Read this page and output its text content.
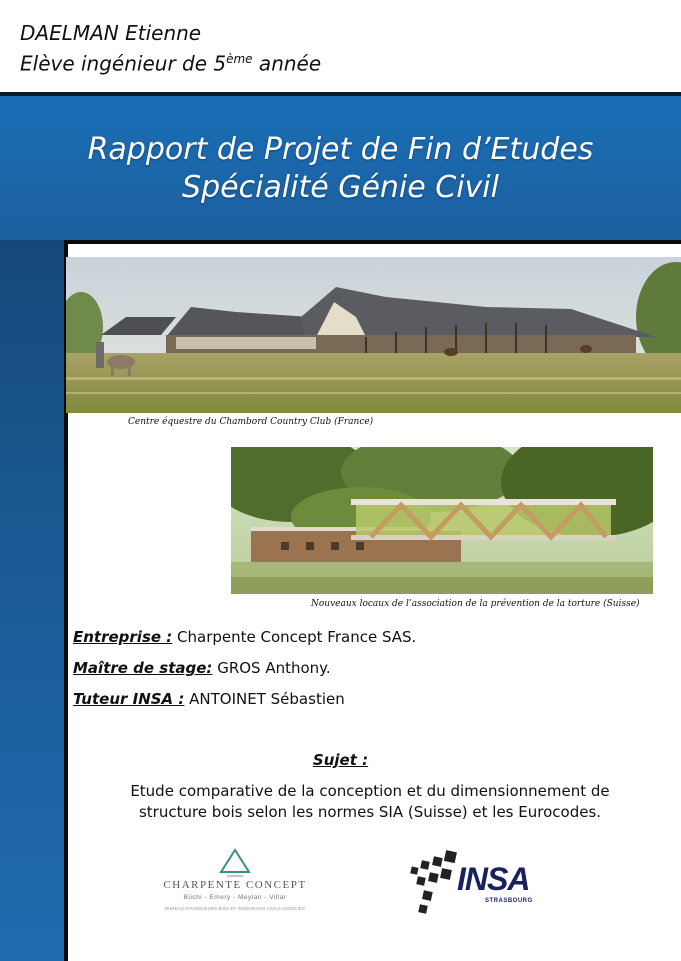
DAELMAN Etienne
Elève ingénieur de 5ème année
Rapport de Projet de Fin d’Etudes
Spécialité Génie Civil
Centre équestre du Chambord Country Club (France)
Nouveaux locaux de l’association de la prévention de la torture (Suisse)
Entreprise : Charpente Concept France SAS.
Maître de stage: GROS Anthony.
Tuteur INSA : ANTOINET Sébastien
Sujet :
Etude comparative de la conception et du dimensionnement de
structure bois selon les normes SIA (Suisse) et les Eurocodes.
CHARPENTE CONCEPT
Büchi - Emery - Meylan - Villar
BUREAU D'INGÉNIEURS BOIS ET INGÉNIEURS CIVILS ASSOCIÉS
INSA
STRASBOURG
